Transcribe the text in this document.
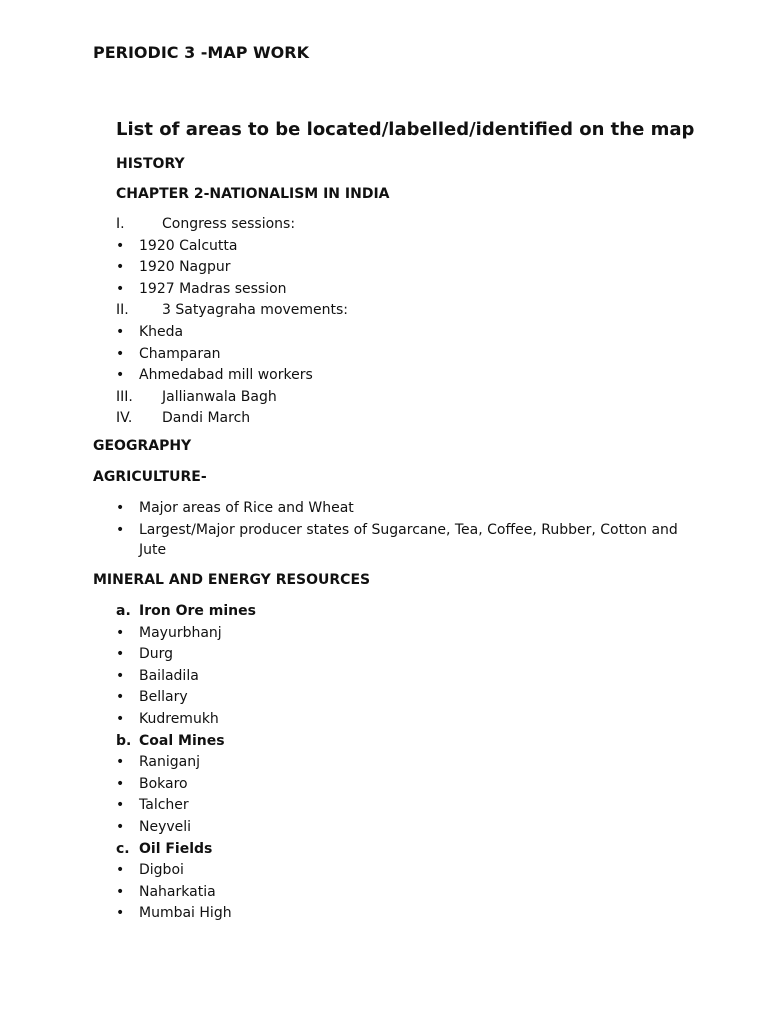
PERIODIC 3 -MAP WORK
List of areas to be located/labelled/identified on the map
HISTORY
CHAPTER 2-NATIONALISM IN INDIA
I.	Congress sessions:
• 1920 Calcutta
• 1920 Nagpur
• 1927 Madras session
II. 3 Satyagraha movements:
• Kheda
• Champaran
• Ahmedabad mill workers
III. Jallianwala Bagh
IV. Dandi March
GEOGRAPHY
AGRICULTURE-
• Major areas of Rice and Wheat
• Largest/Major producer states of Sugarcane, Tea, Coffee, Rubber, Cotton and
Jute
MINERAL AND ENERGY RESOURCES
a. Iron Ore mines
• Mayurbhanj
• Durg
• Bailadila
• Bellary
• Kudremukh
b. Coal Mines
• Raniganj
• Bokaro
• Talcher
• Neyveli
c. Oil Fields
• Digboi
• Naharkatia
• Mumbai High
